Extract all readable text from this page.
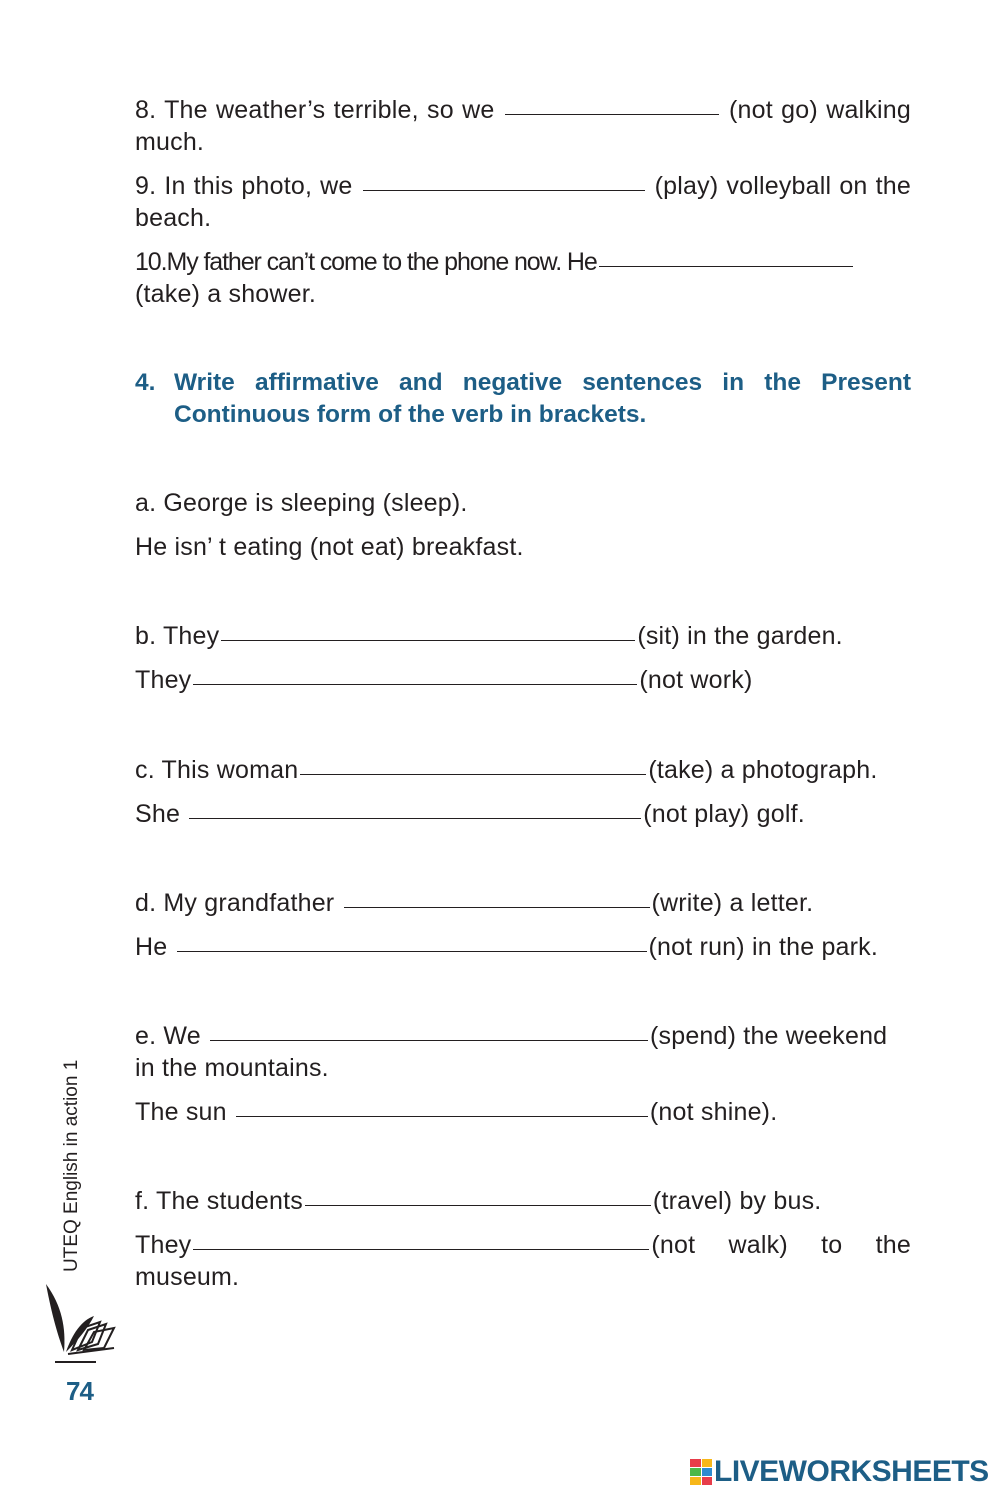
8. The weather’s terrible, so we	(not go) walking much.
9. In this photo, we	(play) volleyball on the beach.
10.My father can’t come to the phone now. He
(take) a shower.
4. Write affirmative and negative sentences in the Present Continuous form of the verb in brackets.
a. George is sleeping (sleep).
He isn’ t eating (not eat) breakfast.
b. They	(sit) in the garden.
They	(not work)
c. This woman	(take) a photograph.
She	(not play) golf.
d. My grandfather	(write) a letter.
He	(not run) in the park.
e. We	(spend) the weekend
in the mountains.
The sun	(not shine).
f. The students	(travel) by bus.
They	(not walk) to the
museum.
UTEQ English in action 1
74
LIVEWORKSHEETS
